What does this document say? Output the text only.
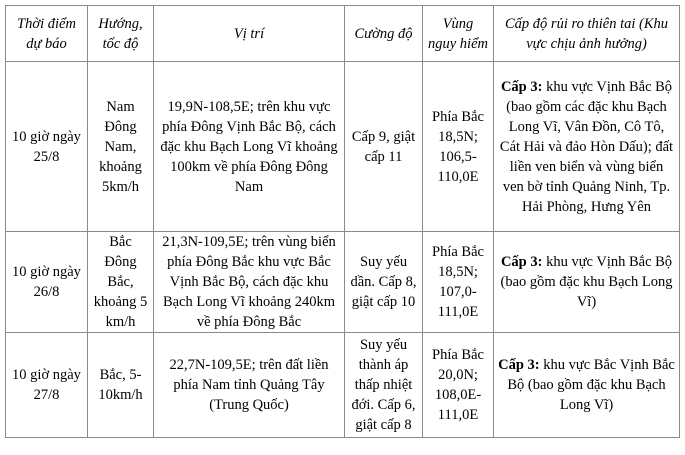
Thời điểm dự báo	Hướng, tốc độ	Vị trí	Cường độ	Vùng nguy hiểm	Cấp độ rủi ro thiên tai (Khu vực chịu ảnh hưởng)
10 giờ ngày 25/8	Nam Đông Nam, khoảng 5km/h	19,9N-108,5E; trên khu vực phía Đông Vịnh Bắc Bộ, cách đặc khu Bạch Long Vĩ khoảng 100km về phía Đông Đông Nam	Cấp 9, giật cấp 11	Phía Bắc 18,5N; 106,5-110,0E	Cấp 3: khu vực Vịnh Bắc Bộ (bao gồm các đặc khu Bạch Long Vĩ, Vân Đồn, Cô Tô, Cát Hải và đảo Hòn Dấu); đất liền ven biển và vùng biển ven bờ tỉnh Quảng Ninh, Tp. Hải Phòng, Hưng Yên
10 giờ ngày 26/8	Bắc Đông Bắc, khoảng 5 km/h	21,3N-109,5E; trên vùng biển phía Đông Bắc khu vực Bắc Vịnh Bắc Bộ, cách đặc khu Bạch Long Vĩ khoảng 240km về phía Đông Bắc	Suy yếu dần. Cấp 8, giật cấp 10	Phía Bắc 18,5N; 107,0-111,0E	Cấp 3: khu vực Vịnh Bắc Bộ (bao gồm đặc khu Bạch Long Vĩ)
10 giờ ngày 27/8	Bắc, 5-10km/h	22,7N-109,5E; trên đất liền phía Nam tỉnh Quảng Tây (Trung Quốc)	Suy yếu thành áp thấp nhiệt đới. Cấp 6, giật cấp 8	Phía Bắc 20,0N; 108,0E-111,0E	Cấp 3: khu vực Bắc Vịnh Bắc Bộ (bao gồm đặc khu Bạch Long Vĩ)
